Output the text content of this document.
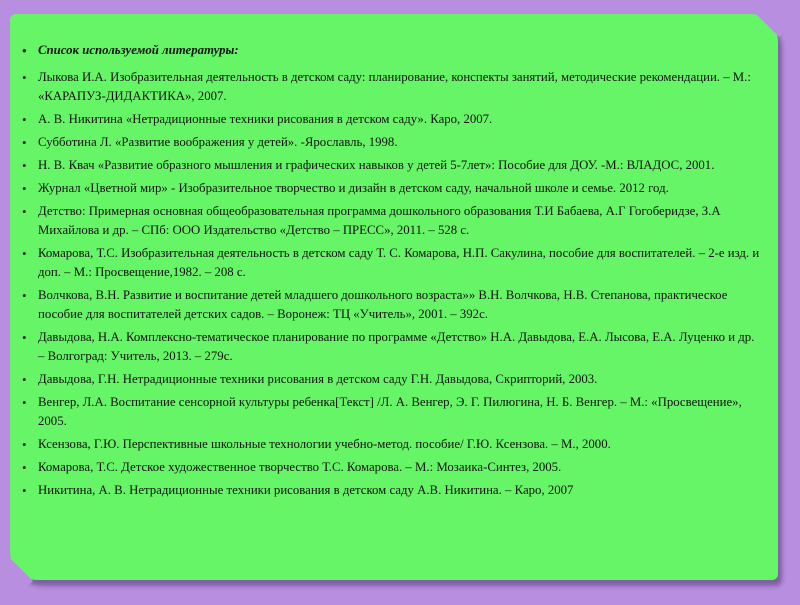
• Список используемой литературы:
• Лыкова И.А. Изобразительная деятельность в детском саду: планирование, конспекты занятий, методические рекомендации. – М.: «КАРАПУЗ-ДИДАКТИКА», 2007.
• А. В. Никитина «Нетрадиционные техники рисования в детском саду». Каро, 2007.
• Субботина Л. «Развитие воображения у детей». -Ярославль, 1998.
• Н. В. Квач «Развитие образного мышления и графических навыков у детей 5-7лет»: Пособие для ДОУ. -М.: ВЛАДОС, 2001.
• Журнал «Цветной мир» - Изобразительное творчество и дизайн в детском саду, начальной школе и семье. 2012 год.
• Детство: Примерная основная общеобразовательная программа дошкольного образования Т.И Бабаева, А.Г Гогоберидзе, З.А Михайлова и др. – СПб: ООО Издательство «Детство – ПРЕСС», 2011. – 528 с.
• Комарова, Т.С. Изобразительная деятельность в детском саду Т. С. Комарова, Н.П. Сакулина, пособие для воспитателей. – 2-е изд. и доп. – М.: Просвещение,1982. – 208 с.
• Волчкова, В.Н. Развитие и воспитание детей младшего дошкольного возраста»» В.Н. Волчкова, Н.В. Степанова, практическое пособие для воспитателей детских садов. – Воронеж: ТЦ «Учитель», 2001. – 392с.
• Давыдова, Н.А. Комплексно-тематическое планирование по программе «Детство» Н.А. Давыдова, Е.А. Лысова, Е.А. Луценко и др. – Волгоград: Учитель, 2013. – 279с.
• Давыдова, Г.Н. Нетрадиционные техники рисования в детском саду Г.Н. Давыдова, Скрипторий, 2003.
• Венгер, Л.А. Воспитание сенсорной культуры ребенка[Текст] /Л. А. Венгер, Э. Г. Пилюгина, Н. Б. Венгер. – М.: «Просвещение», 2005.
• Ксензова, Г.Ю. Перспективные школьные технологии учебно-метод. пособие/ Г.Ю. Ксензова. – М., 2000.
• Комарова, Т.С. Детское художественное творчество Т.С. Комарова. – М.: Мозаика-Синтез, 2005.
• Никитина, А. В. Нетрадиционные техники рисования в детском саду А.В. Никитина. – Каро, 2007
